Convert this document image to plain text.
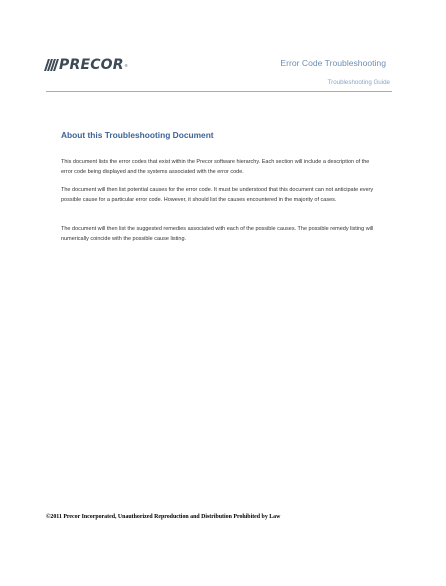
PRECOR ®	Error Code Troubleshooting
Troubleshooting Guide
About this Troubleshooting Document

This document lists the error codes that exist within the Precor software hierarchy. Each section will include a description of the error code being displayed and the systems associated with the error code.

The document will then list potential causes for the error code. It must be understood that this document can not anticipate every possible cause for a particular error code. However, it should list the causes encountered in the majority of cases.

The document will then list the suggested remedies associated with each of the possible causes. The possible remedy listing will numerically coincide with the possible cause listing.

©2011 Precor Incorporated, Unauthorized Reproduction and Distribution Prohibited by Law
